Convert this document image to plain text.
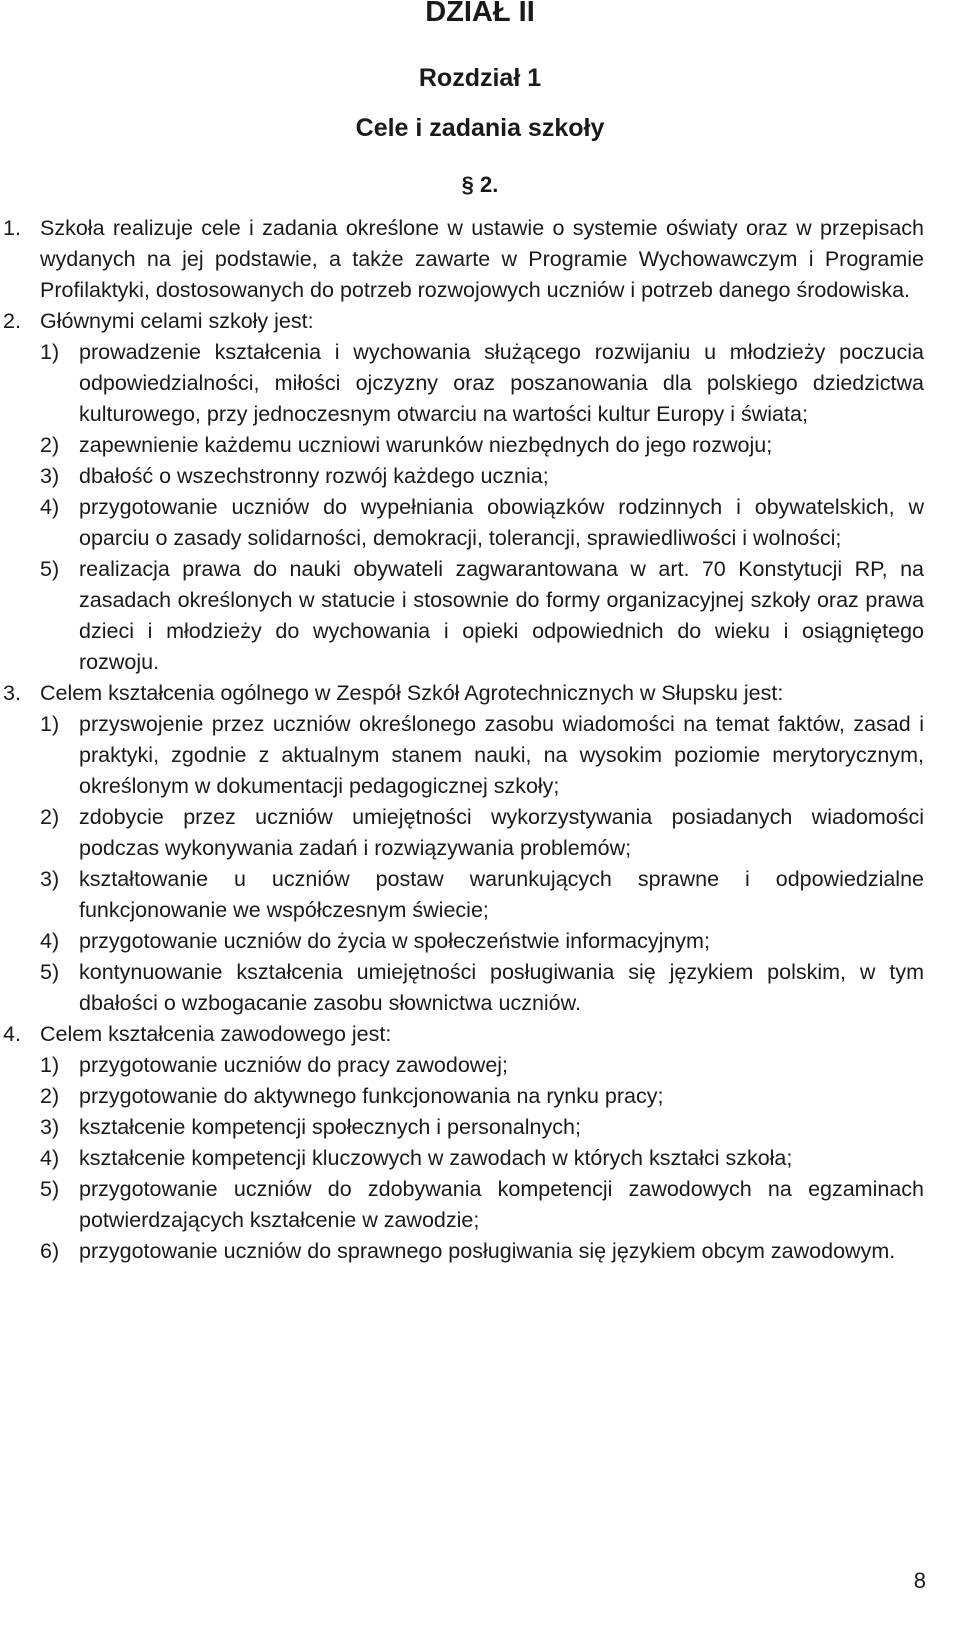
DZIAŁ II
Rozdział 1
Cele i zadania szkoły
§ 2.
1. Szkoła realizuje cele i zadania określone w ustawie o systemie oświaty oraz w przepisach wydanych na jej podstawie, a także zawarte w Programie Wychowawczym i Programie Profilaktyki, dostosowanych do potrzeb rozwojowych uczniów i potrzeb danego środowiska.
2. Głównymi celami szkoły jest:
1) prowadzenie kształcenia i wychowania służącego rozwijaniu u młodzieży poczucia odpowiedzialności, miłości ojczyzny oraz poszanowania dla polskiego dziedzictwa kulturowego, przy jednoczesnym otwarciu na wartości kultur Europy i świata;
2) zapewnienie każdemu uczniowi warunków niezbędnych do jego rozwoju;
3) dbałość o wszechstronny rozwój każdego ucznia;
4) przygotowanie uczniów do wypełniania obowiązków rodzinnych i obywatelskich, w oparciu o zasady solidarności, demokracji, tolerancji, sprawiedliwości i wolności;
5) realizacja prawa do nauki obywateli zagwarantowana w art. 70 Konstytucji RP, na zasadach określonych w statucie i stosownie do formy organizacyjnej szkoły oraz prawa dzieci i młodzieży do wychowania i opieki odpowiednich do wieku i osiągniętego rozwoju.
3. Celem kształcenia ogólnego w Zespół Szkół Agrotechnicznych w Słupsku jest:
1) przyswojenie przez uczniów określonego zasobu wiadomości na temat faktów, zasad i praktyki, zgodnie z aktualnym stanem nauki, na wysokim poziomie merytorycznym, określonym w dokumentacji pedagogicznej szkoły;
2) zdobycie przez uczniów umiejętności wykorzystywania posiadanych wiadomości podczas wykonywania zadań i rozwiązywania problemów;
3) kształtowanie u uczniów postaw warunkujących sprawne i odpowiedzialne funkcjonowanie we współczesnym świecie;
4) przygotowanie uczniów do życia w społeczeństwie informacyjnym;
5) kontynuowanie kształcenia umiejętności posługiwania się językiem polskim, w tym dbałości o wzbogacanie zasobu słownictwa uczniów.
4. Celem kształcenia zawodowego jest:
1) przygotowanie uczniów do pracy zawodowej;
2) przygotowanie do aktywnego funkcjonowania na rynku pracy;
3) kształcenie kompetencji społecznych i personalnych;
4) kształcenie kompetencji kluczowych w zawodach w których kształci szkoła;
5) przygotowanie uczniów do zdobywania kompetencji zawodowych na egzaminach potwierdzających kształcenie w zawodzie;
6) przygotowanie uczniów do sprawnego posługiwania się językiem obcym zawodowym.
8
